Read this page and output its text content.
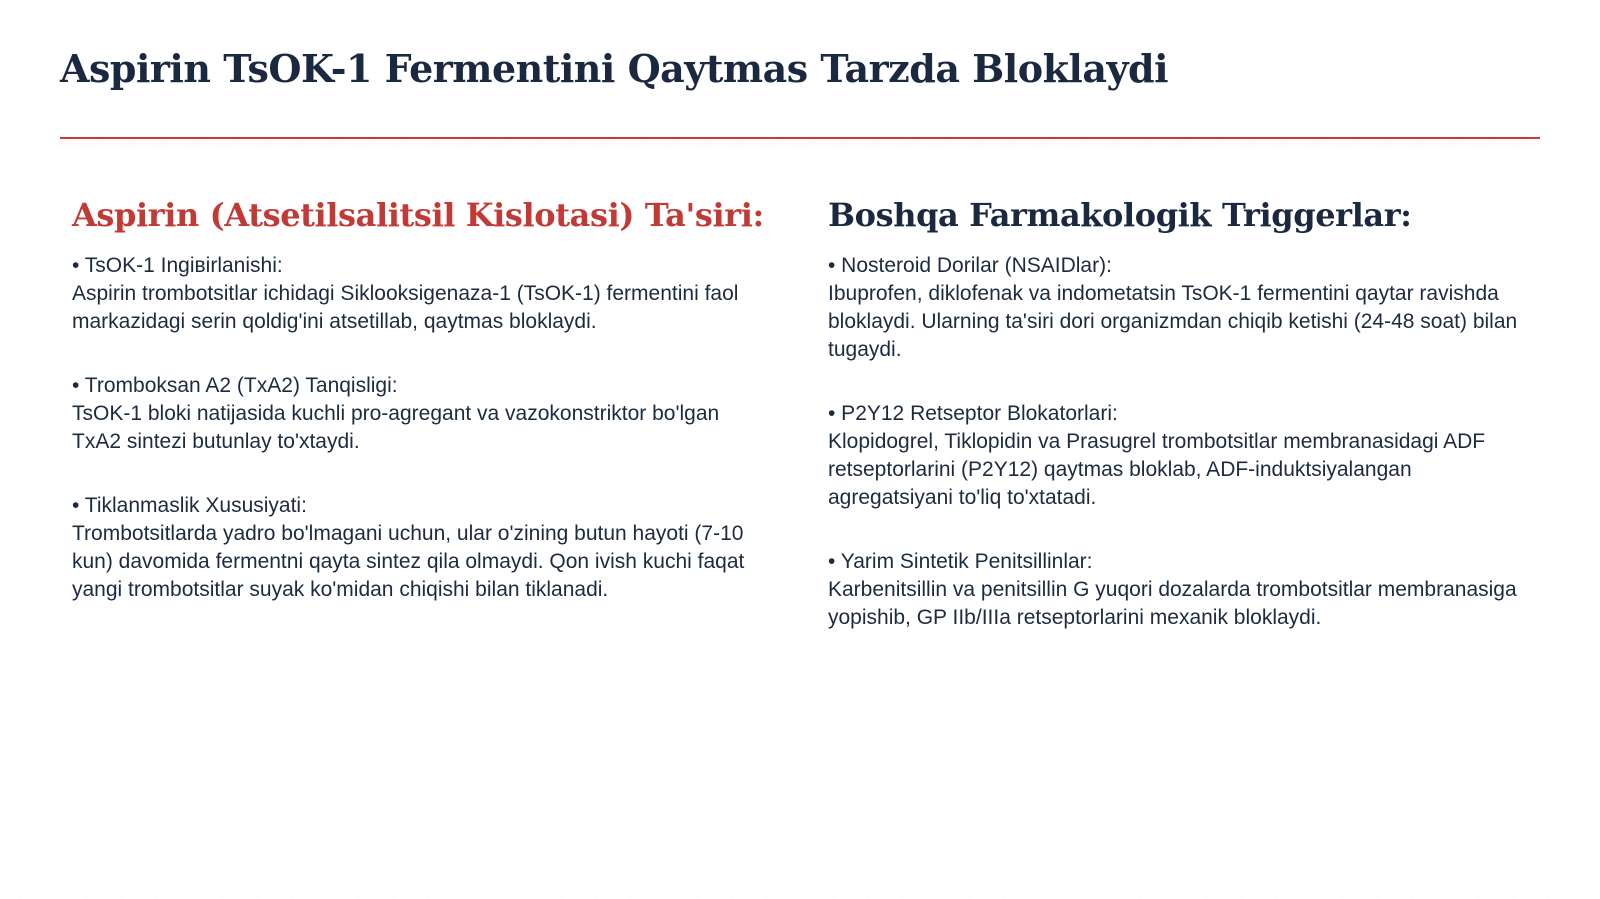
Aspirin TsOK-1 Fermentini Qaytmas Tarzda Bloklaydi
Aspirin (Atsetilsalitsil Kislotasi) Ta'siri:
• TsOK-1 Ingiвirlanishi:
Aspirin trombotsitlar ichidagi Siklooksigenaza-1 (TsOK-1) fermentini faol markazidagi serin qoldig'ini atsetillab, qaytmas bloklaydi.
• Tromboksan A2 (TxA2) Tanqisligi:
TsOK-1 bloki natijasida kuchli pro-agregant va vazokonstriktor bo'lgan TxA2 sintezi butunlay to'xtaydi.
• Tiklanmaslik Xususiyati:
Trombotsitlarda yadro bo'lmagani uchun, ular o'zining butun hayoti (7-10 kun) davomida fermentni qayta sintez qila olmaydi. Qon ivish kuchi faqat yangi trombotsitlar suyak ko'midan chiqishi bilan tiklanadi.
Boshqa Farmakologik Triggerlar:
• Nosteroid Dorilar (NSAIDlar):
Ibuprofen, diklofenak va indometatsin TsOK-1 fermentini qaytar ravishda bloklaydi. Ularning ta'siri dori organizmdan chiqib ketishi (24-48 soat) bilan tugaydi.
• P2Y12 Retseptor Blokatorlari:
Klopidogrel, Tiklopidin va Prasugrel trombotsitlar membranasidagi ADF retseptorlarini (P2Y12) qaytmas bloklab, ADF-induktsiyalangan agregatsiyani to'liq to'xtatadi.
• Yarim Sintetik Penitsillinlar:
Karbenitsillin va penitsillin G yuqori dozalarda trombotsitlar membranasiga yopishib, GP IIb/IIIa retseptorlarini mexanik bloklaydi.
